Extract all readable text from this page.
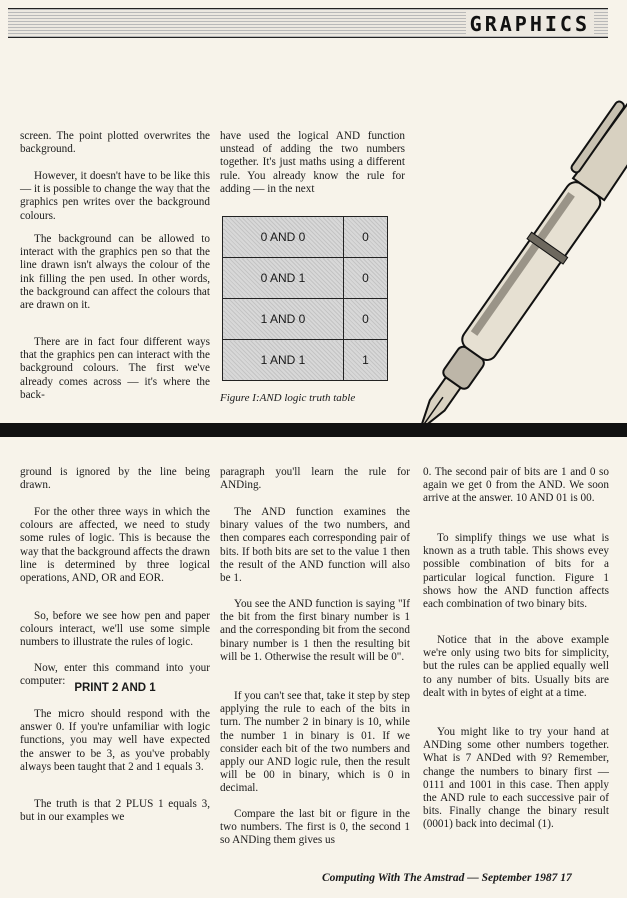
GRAPHICS

screen. The point plotted overwrites the background.

However, it doesn't have to be like this — it is possible to change the way that the graphics pen writes over the background colours.

The background can be allowed to interact with the graphics pen so that the line drawn isn't always the colour of the ink filling the pen used. In other words, the background can affect the colours that are drawn on it.

There are in fact four different ways that the graphics pen can interact with the background colours. The first we've already comes across — it's where the back-

have used the logical AND function unstead of adding the two numbers together. It's just maths using a different rule. You already know the rule for adding — in the next

0 AND 0	0
0 AND 1	0
1 AND 0	0
1 AND 1	1
Figure I:AND logic truth table

ground is ignored by the line being drawn.

For the other three ways in which the colours are affected, we need to study some rules of logic. This is because the way that the background affects the drawn line is determined by three logical operations, AND, OR and EOR.

So, before we see how pen and paper colours interact, we'll use some simple numbers to illustrate the rules of logic.

Now, enter this command into your computer:

PRINT 2 AND 1

The micro should respond with the answer 0. If you're unfamiliar with logic functions, you may well have expected the answer to be 3, as you've probably always been taught that 2 and 1 equals 3.

The truth is that 2 PLUS 1 equals 3, but in our examples we

paragraph you'll learn the rule for ANDing.

The AND function examines the binary values of the two numbers, and then compares each corresponding pair of bits. If both bits are set to the value 1 then the result of the AND function will also be 1.

You see the AND function is saying "If the bit from the first binary number is 1 and the corresponding bit from the second binary number is 1 then the resulting bit will be 1. Otherwise the result will be 0".

If you can't see that, take it step by step applying the rule to each of the bits in turn. The number 2 in binary is 10, while the number 1 in binary is 01. If we consider each bit of the two numbers and apply our AND logic rule, then the result will be 00 in binary, which is 0 in decimal.

Compare the last bit or figure in the two numbers. The first is 0, the second 1 so ANDing them gives us

0. The second pair of bits are 1 and 0 so again we get 0 from the AND. We soon arrive at the answer. 10 AND 01 is 00.

To simplify things we use what is known as a truth table. This shows evey possible combination of bits for a particular logical function. Figure 1 shows how the AND function affects each combination of two binary bits.

Notice that in the above example we're only using two bits for simplicity, but the rules can be applied equally well to any number of bits. Usually bits are dealt with in bytes of eight at a time.

You might like to try your hand at ANDing some other numbers together. What is 7 ANDed with 9? Remember, change the numbers to binary first — 0111 and 1001 in this case. Then apply the AND rule to each successive pair of bits. Finally change the binary result (0001) back into decimal (1).

Computing With The Amstrad — September 1987 17
